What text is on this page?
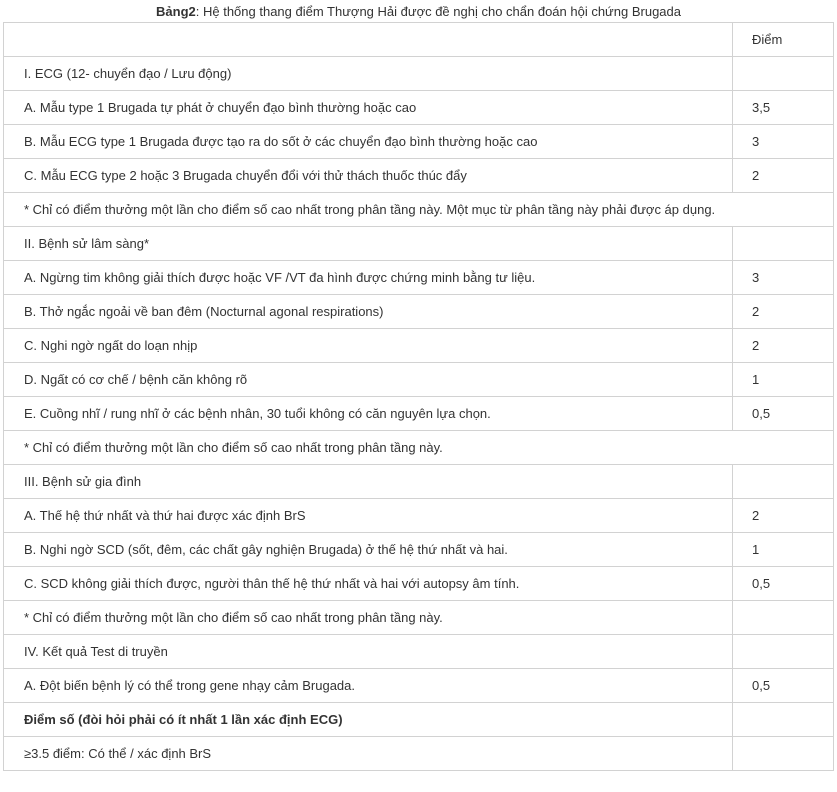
Bảng2: Hệ thống thang điểm Thượng Hải được đề nghị cho chẩn đoán hội chứng Brugada
	Điểm
I. ECG (12- chuyển đạo / Lưu động)	
A. Mẫu type 1 Brugada tự phát ở chuyển đạo bình thường hoặc cao	3,5
B. Mẫu ECG type 1 Brugada được tạo ra do sốt ở các chuyển đạo bình thường hoặc cao	3
C. Mẫu ECG type 2 hoặc 3 Brugada chuyển đổi với thử thách thuốc thúc đẩy	2
* Chỉ có điểm thưởng một lần cho điểm số cao nhất trong phân tầng này. Một mục từ phân tầng này phải được áp dụng.	
II. Bệnh sử lâm sàng*	
A. Ngừng tim không giải thích được hoặc VF /VT đa hình được chứng minh bằng tư liệu.	3
B. Thở ngắc ngoải về ban đêm (Nocturnal agonal respirations)	2
C. Nghi ngờ ngất do loạn nhịp	2
D. Ngất có cơ chế / bệnh căn không rõ	1
E. Cuồng nhĩ / rung nhĩ ở các bệnh nhân, 30 tuổi không có căn nguyên lựa chọn.	0,5
* Chỉ có điểm thưởng một lần cho điểm số cao nhất trong phân tầng này.	
III. Bệnh sử gia đình	
A. Thế hệ thứ nhất và thứ hai được xác định BrS	2
B. Nghi ngờ SCD (sốt, đêm, các chất gây nghiện Brugada) ở thế hệ thứ nhất và hai.	1
C. SCD không giải thích được, người thân thế hệ thứ nhất và hai với autopsy âm tính.	0,5
* Chỉ có điểm thưởng một lần cho điểm số cao nhất trong phân tầng này.	
IV. Kết quả Test di truyền	
A. Đột biến bệnh lý có thể trong gene nhạy cảm Brugada.	0,5
Điểm số (đòi hỏi phải có ít nhất 1 lần xác định ECG)	
≥3.5 điểm: Có thể / xác định BrS	
